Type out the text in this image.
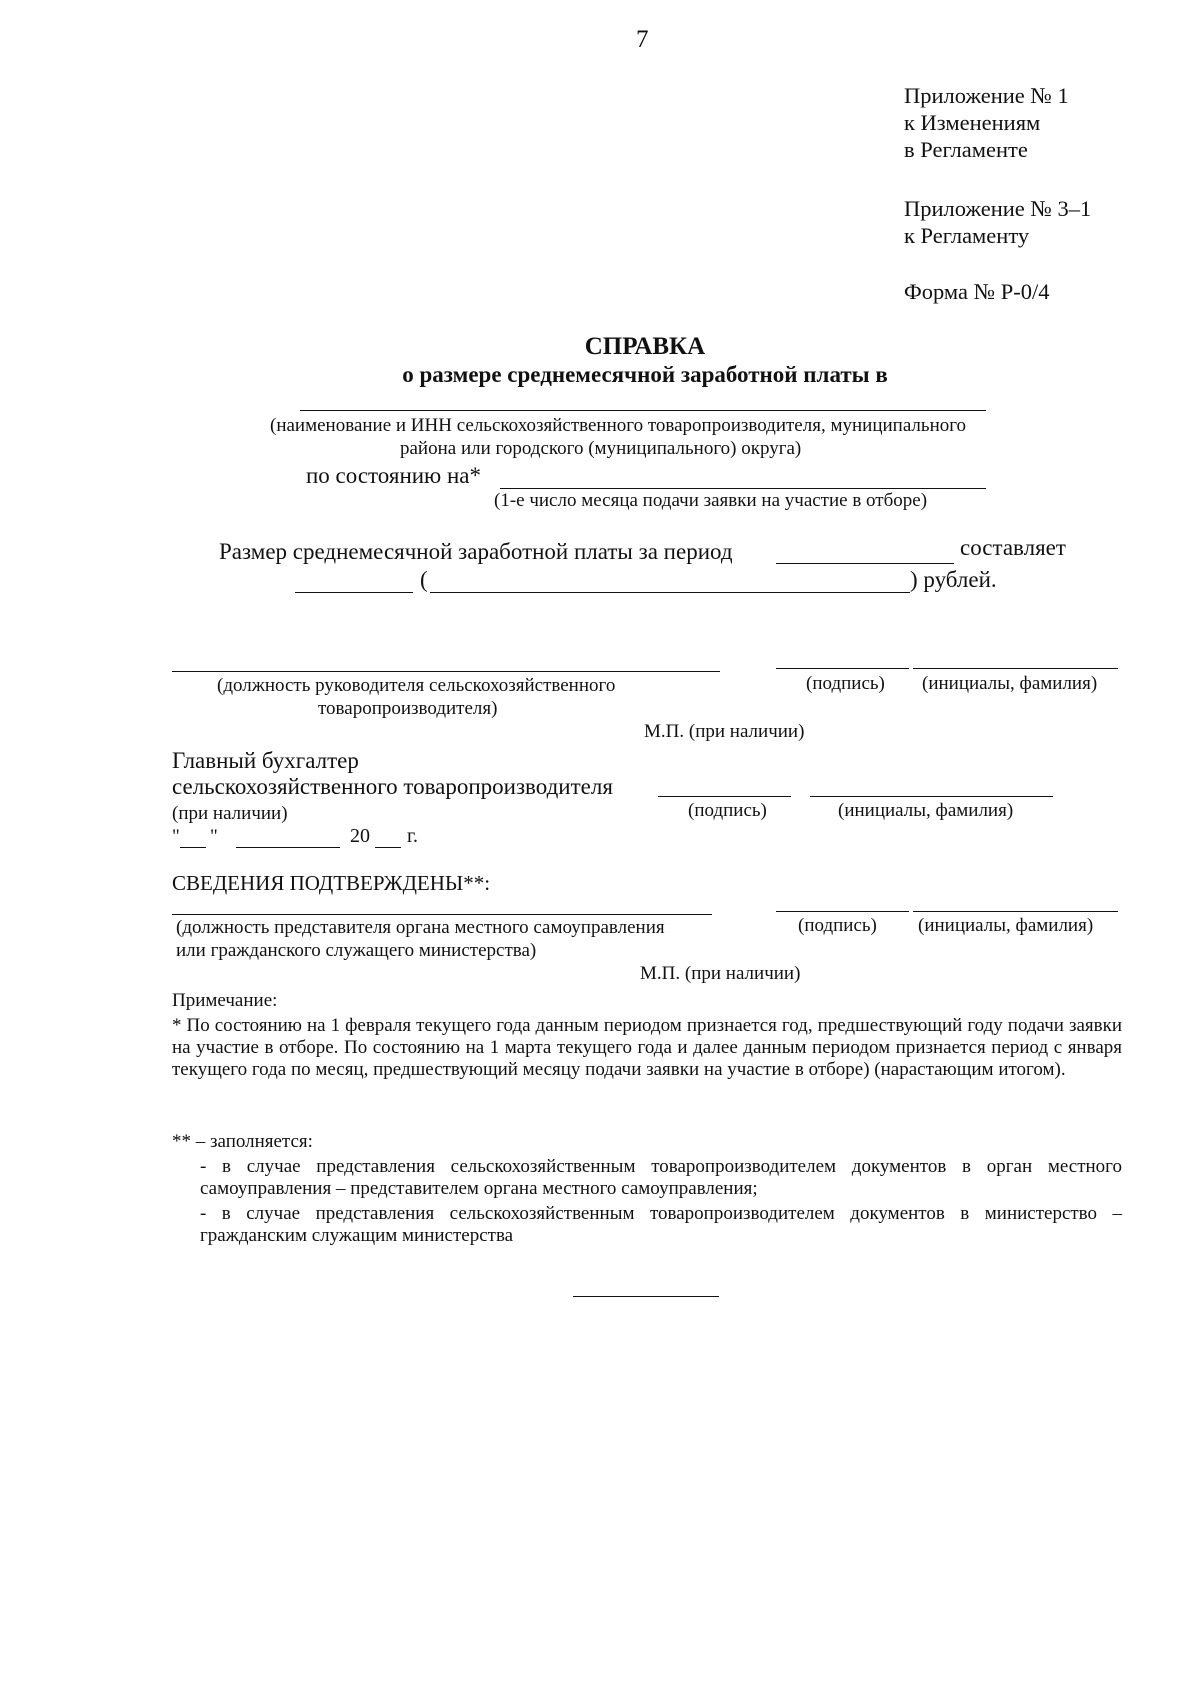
7
Приложение № 1
к Изменениям
в Регламенте
Приложение № 3–1
к Регламенту
Форма № Р-0/4
СПРАВКА
о размере среднемесячной заработной платы в
(наименование и ИНН сельскохозяйственного товаропроизводителя, муниципального
района или городского (муниципального) округа)
по состоянию на*
(1-е число месяца подачи заявки на участие в отборе)
Размер среднемесячной заработной платы за период	составляет
(	) рублей.
(должность руководителя сельскохозяйственного
товаропроизводителя)
(подпись) (инициалы, фамилия)
М.П. (при наличии)
Главный бухгалтер
сельскохозяйственного товаропроизводителя
(при наличии)	(подпись)	(инициалы, фамилия)
" "	20 г.
СВЕДЕНИЯ ПОДТВЕРЖДЕНЫ**:
(должность представителя органа местного самоуправления
или гражданского служащего министерства)
(подпись) (инициалы, фамилия)
М.П. (при наличии)
Примечание:
* По состоянию на 1 февраля текущего года данным периодом признается год, предшествующий году подачи заявки на участие в отборе. По состоянию на 1 марта текущего года и далее данным периодом признается период с января текущего года по месяц, предшествующий месяцу подачи заявки на участие в отборе) (нарастающим итогом).
** – заполняется:
- в случае представления сельскохозяйственным товаропроизводителем документов в орган местного самоуправления – представителем органа местного самоуправления;
- в случае представления сельскохозяйственным товаропроизводителем документов в министерство – гражданским служащим министерства
